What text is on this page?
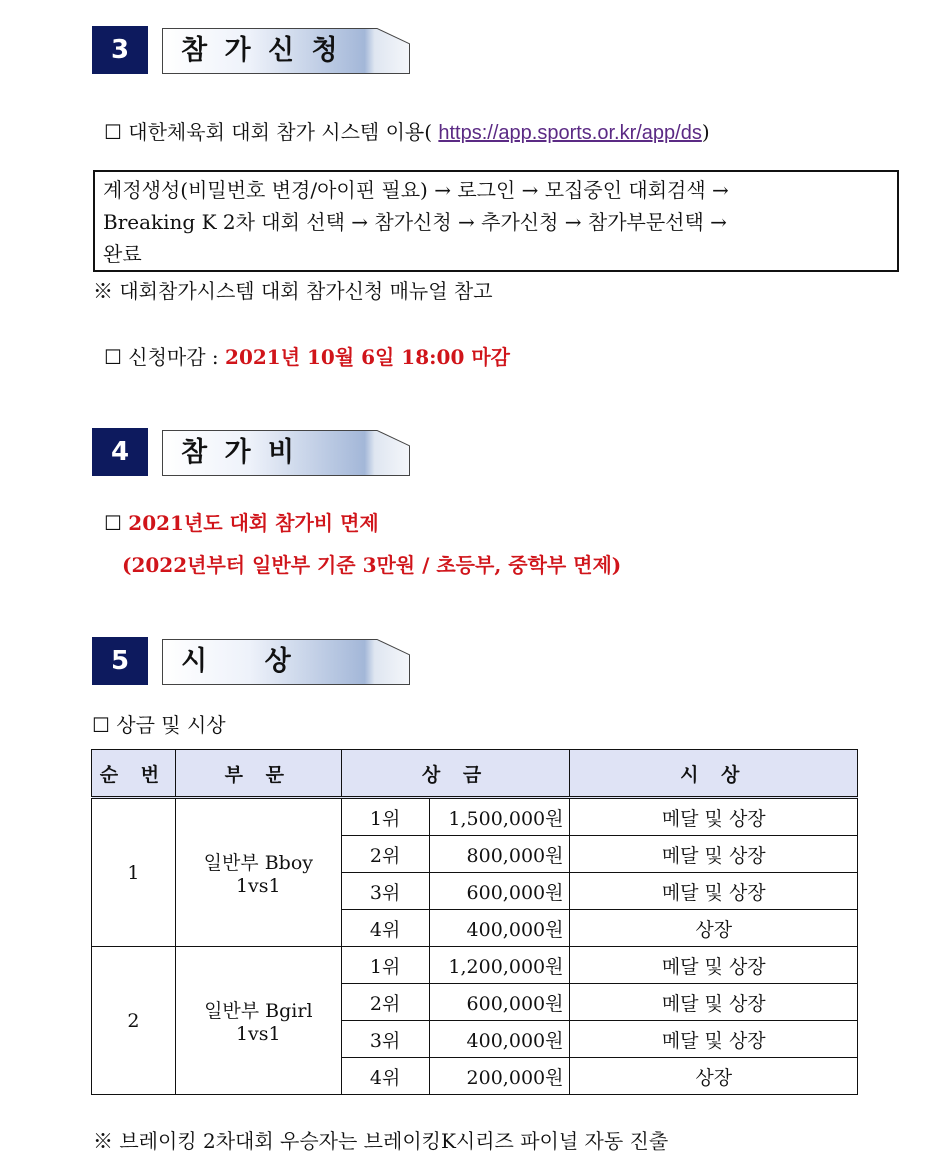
3	참 가 신 청
☐ 대한체육회 대회 참가 시스템 이용( https://app.sports.or.kr/app/ds)
계정생성(비밀번호 변경/아이핀 필요) → 로그인 → 모집중인 대회검색 →
Breaking K 2차 대회 선택 → 참가신청 → 추가신청 → 참가부문선택 →
완료
※ 대회참가시스템 대회 참가신청 매뉴얼 참고
☐ 신청마감 : 2021년 10월 6일 18:00 마감
4	참 가 비
☐ 2021년도 대회 참가비 면제
(2022년부터 일반부 기준 3만원 / 초등부, 중학부 면제)
5	시    상
☐ 상금 및 시상
순 번	부 문	상 금		시 상
1	일반부 Bboy 1vs1	1위	1,500,000원	메달 및 상장
		2위	800,000원	메달 및 상장
		3위	600,000원	메달 및 상장
		4위	400,000원	상장
2	일반부 Bgirl 1vs1	1위	1,200,000원	메달 및 상장
		2위	600,000원	메달 및 상장
		3위	400,000원	메달 및 상장
		4위	200,000원	상장
※ 브레이킹 2차대회 우승자는 브레이킹K시리즈 파이널 자동 진출
